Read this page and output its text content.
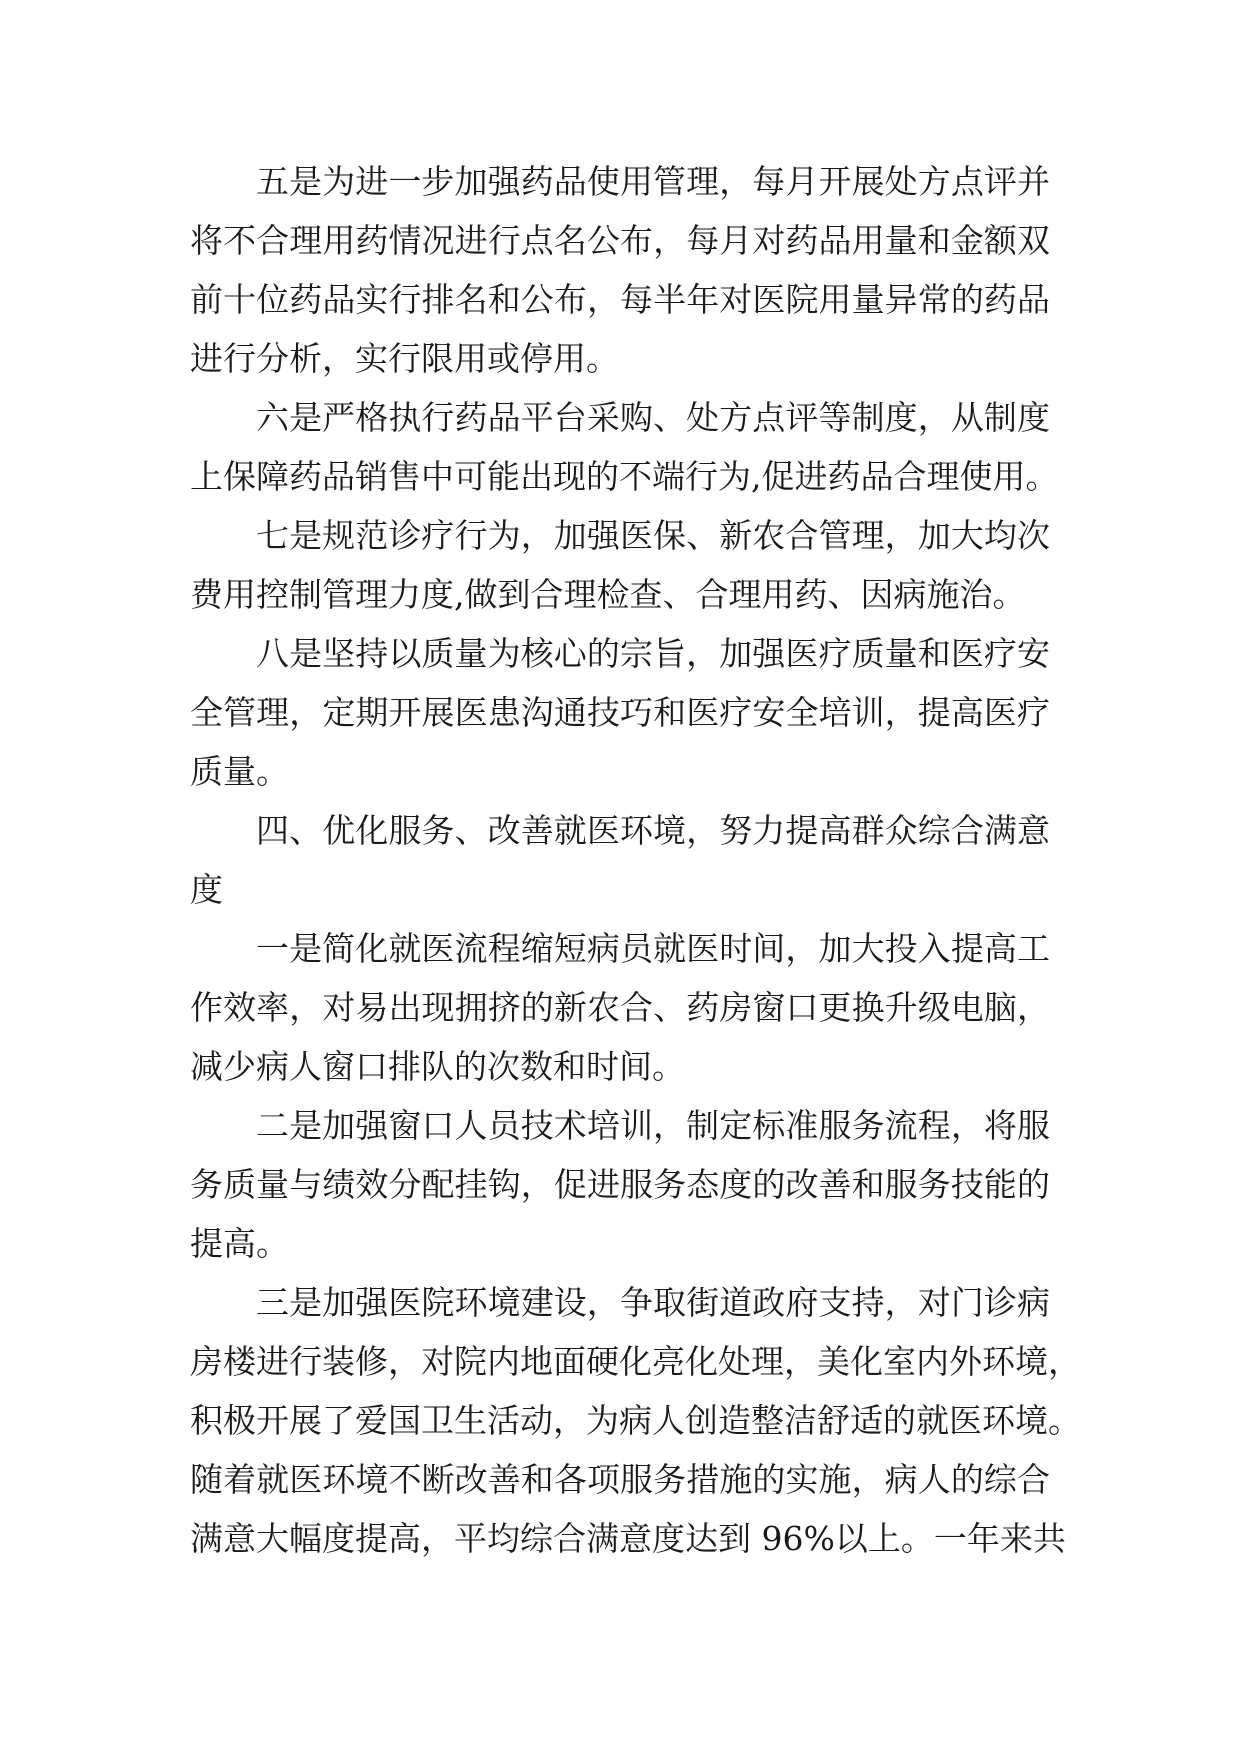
五是为进一步加强药品使用管理，每月开展处方点评并
将不合理用药情况进行点名公布，每月对药品用量和金额双
前十位药品实行排名和公布，每半年对医院用量异常的药品
进行分析，实行限用或停用。
六是严格执行药品平台采购、处方点评等制度，从制度
上保障药品销售中可能出现的不端行为,促进药品合理使用。
七是规范诊疗行为，加强医保、新农合管理，加大均次
费用控制管理力度,做到合理检查、合理用药、因病施治。
八是坚持以质量为核心的宗旨，加强医疗质量和医疗安
全管理，定期开展医患沟通技巧和医疗安全培训，提高医疗
质量。
四、优化服务、改善就医环境，努力提高群众综合满意
度
一是简化就医流程缩短病员就医时间，加大投入提高工
作效率，对易出现拥挤的新农合、药房窗口更换升级电脑，
减少病人窗口排队的次数和时间。
二是加强窗口人员技术培训，制定标准服务流程，将服
务质量与绩效分配挂钩，促进服务态度的改善和服务技能的
提高。
三是加强医院环境建设，争取街道政府支持，对门诊病
房楼进行装修，对院内地面硬化亮化处理，美化室内外环境，
积极开展了爱国卫生活动，为病人创造整洁舒适的就医环境。
随着就医环境不断改善和各项服务措施的实施，病人的综合
满意大幅度提高，平均综合满意度达到 96%以上。一年来共
